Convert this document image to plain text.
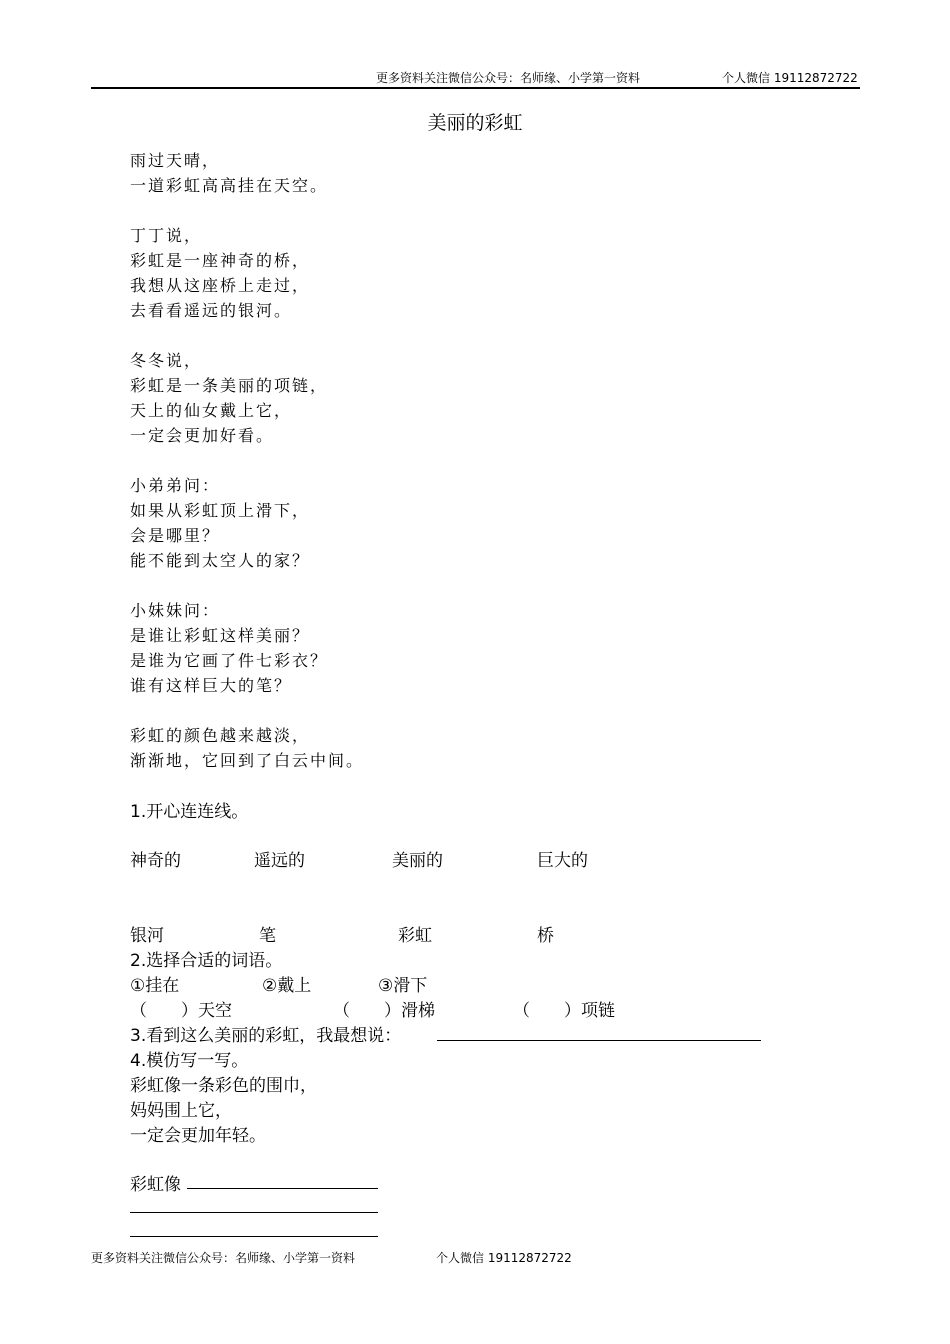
更多资料关注微信公众号：名师缘、小学第一资料	个人微信 19112872722
美丽的彩虹
雨过天晴，
一道彩虹高高挂在天空。
丁丁说，
彩虹是一座神奇的桥，
我想从这座桥上走过，
去看看遥远的银河。
冬冬说，
彩虹是一条美丽的项链，
天上的仙女戴上它，
一定会更加好看。
小弟弟问：
如果从彩虹顶上滑下，
会是哪里？
能不能到太空人的家？
小妹妹问：
是谁让彩虹这样美丽？
是谁为它画了件七彩衣？
谁有这样巨大的笔？
彩虹的颜色越来越淡，
渐渐地，它回到了白云中间。
1.开心连连线。
神奇的	遥远的	美丽的	巨大的
银河	笔	彩虹	桥
2.选择合适的词语。
①挂在	②戴上	③滑下
（　　）天空	（　　）滑梯	（　　）项链
3.看到这么美丽的彩虹，我最想说：
4.模仿写一写。
彩虹像一条彩色的围巾，
妈妈围上它，
一定会更加年轻。
彩虹像
更多资料关注微信公众号：名师缘、小学第一资料	个人微信 19112872722
